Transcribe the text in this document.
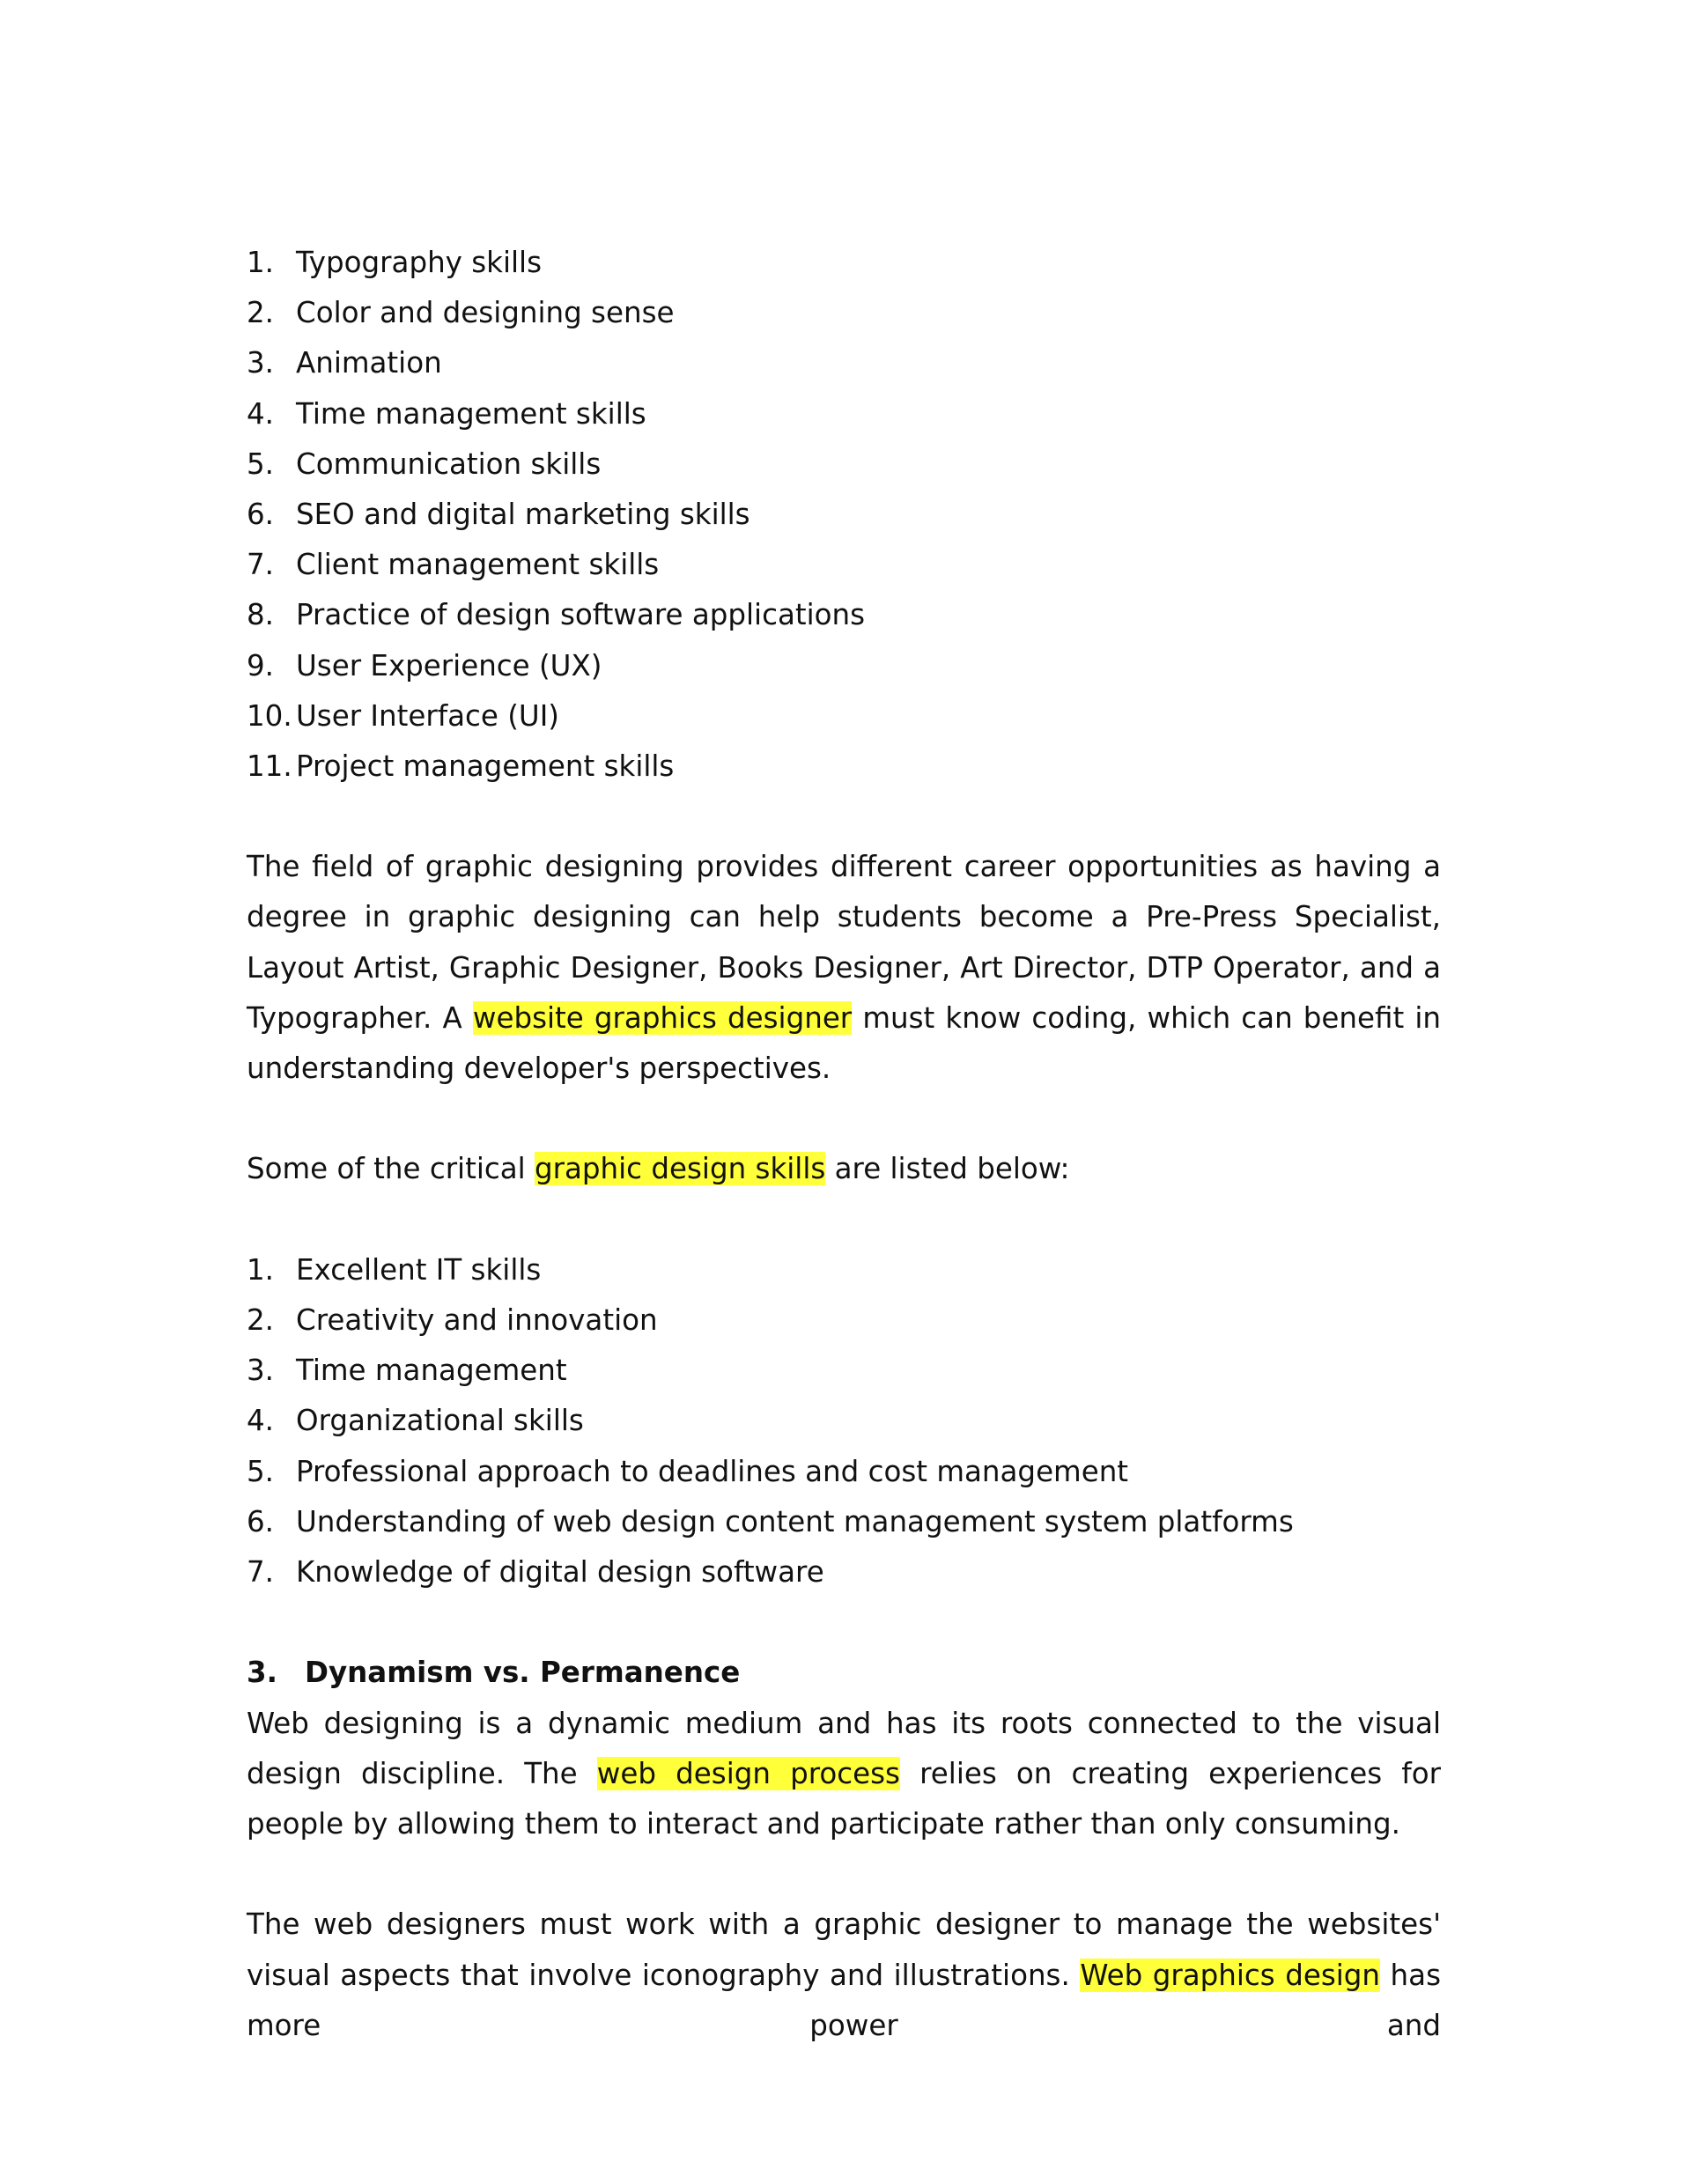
1. Typography skills
2. Color and designing sense
3. Animation
4. Time management skills
5. Communication skills
6. SEO and digital marketing skills
7. Client management skills
8. Practice of design software applications
9. User Experience (UX)
10. User Interface (UI)
11. Project management skills

The field of graphic designing provides different career opportunities as having a degree in graphic designing can help students become a Pre-Press Specialist, Layout Artist, Graphic Designer, Books Designer, Art Director, DTP Operator, and a Typographer. A website graphics designer must know coding, which can benefit in understanding developer's perspectives.

Some of the critical graphic design skills are listed below:

1. Excellent IT skills
2. Creativity and innovation
3. Time management
4. Organizational skills
5. Professional approach to deadlines and cost management
6. Understanding of web design content management system platforms
7. Knowledge of digital design software
3. Dynamism vs. Permanence

Web designing is a dynamic medium and has its roots connected to the visual design discipline. The web design process relies on creating experiences for people by allowing them to interact and participate rather than only consuming.

The web designers must work with a graphic designer to manage the websites' visual aspects that involve iconography and illustrations. Web graphics design has more power and
